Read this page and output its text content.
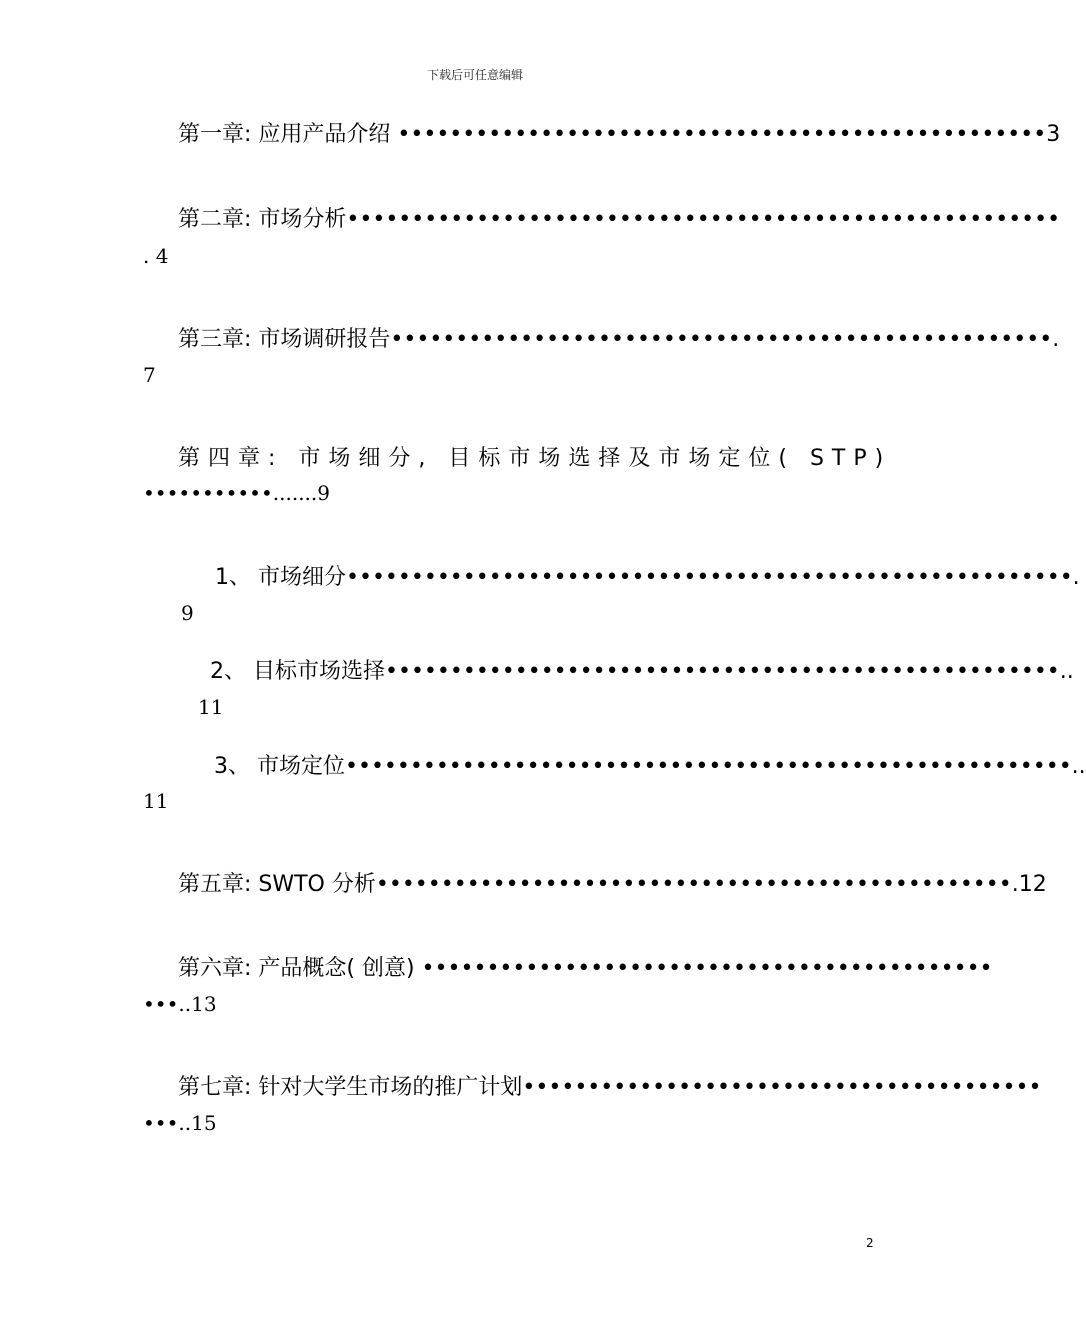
下载后可任意编辑
第一章: 应用产品介绍 ••••••••••••••••••••••••••••••••••••••••••••••••••3
第二章: 市场分析•••••••••••••••••••••••••••••••••••••••••••••••••••••••
. 4
第三章: 市场调研报告•••••••••••••••••••••••••••••••••••••••••••••••••••.
7
第四章: 市场细分, 目标市场选择及市场定位( STP)
•••••••••••.......9
1、 市场细分••••••••••••••••••••••••••••••••••••••••••••••••••••••••.
9
2、 目标市场选择••••••••••••••••••••••••••••••••••••••••••••••••••••..
11
3、 市场定位••••••••••••••••••••••••••••••••••••••••••••••••••••••••..
11
第五章: SWTO 分析•••••••••••••••••••••••••••••••••••••••••••••••••.12
第六章: 产品概念( 创意) ••••••••••••••••••••••••••••••••••••••••••••
•••..13
第七章: 针对大学生市场的推广计划••••••••••••••••••••••••••••••••••••••••
•••..15
2
